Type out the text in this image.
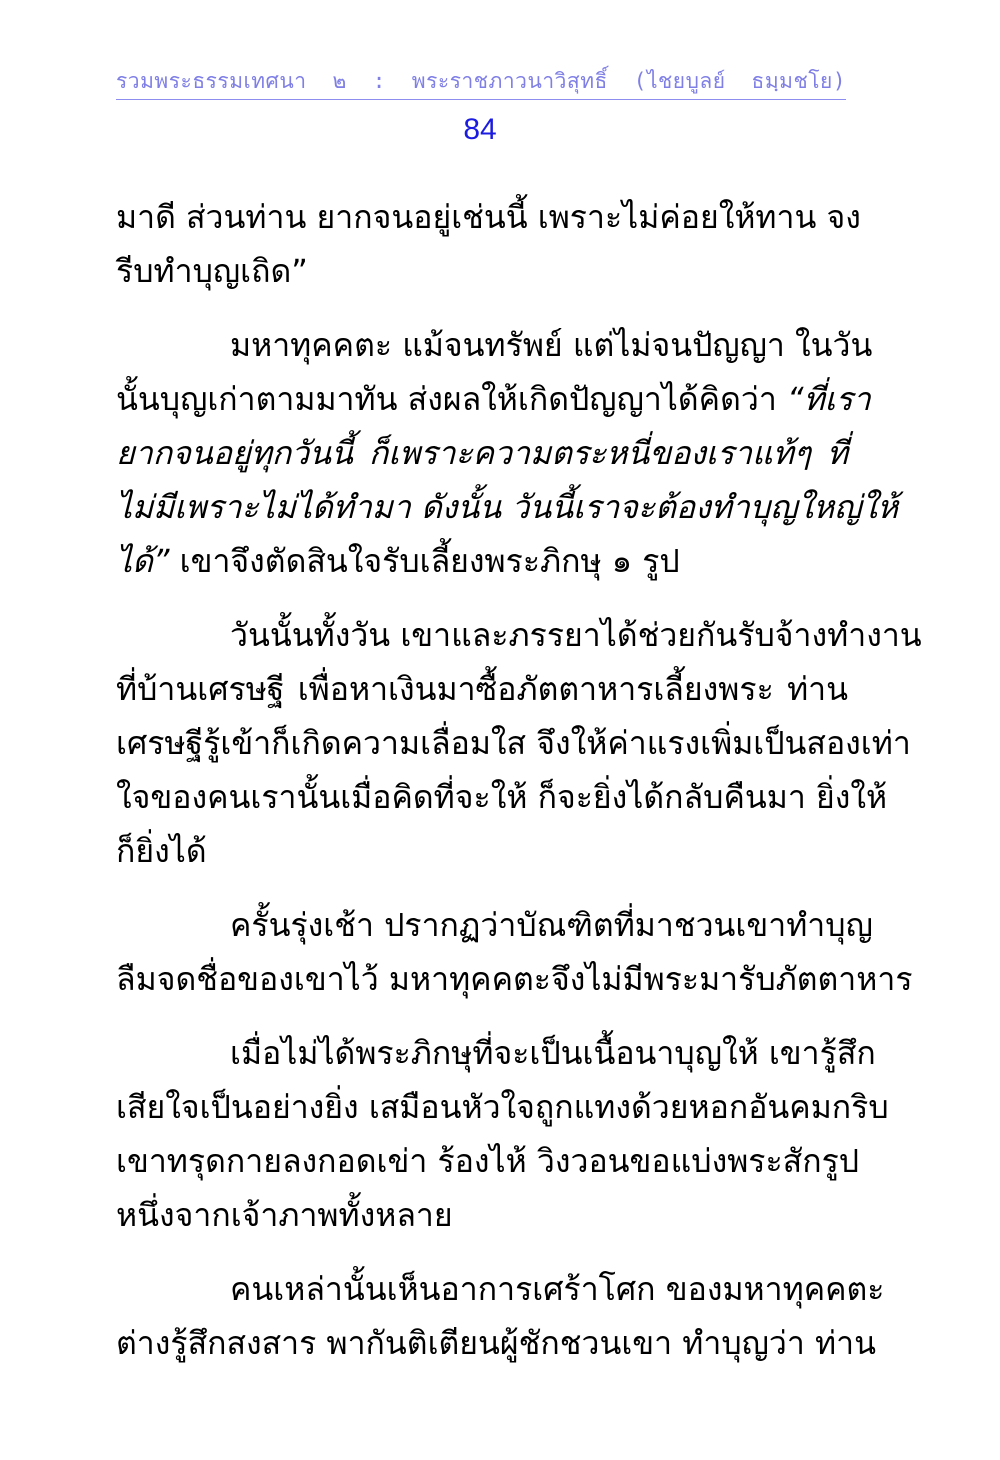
รวมพระธรรมเทศนา ๒ : พระราชภาวนาวิสุทธิ์ (ไชยบูลย์ ธมฺมชโย)
84
มาดี ส่วนท่าน ยากจนอยู่เช่นนี้ เพราะไม่ค่อยให้ทาน จง
รีบทำบุญเถิด”
มหาทุคคตะ แม้จนทรัพย์ แต่ไม่จนปัญญา ในวัน
นั้นบุญเก่าตามมาทัน ส่งผลให้เกิดปัญญาได้คิดว่า “ที่เรา
ยากจนอยู่ทุกวันนี้ ก็เพราะความตระหนี่ของเราแท้ๆ ที่
ไม่มีเพราะไม่ได้ทำมา ดังนั้น วันนี้เราจะต้องทำบุญใหญ่ให้
ได้” เขาจึงตัดสินใจรับเลี้ยงพระภิกษุ ๑ รูป
วันนั้นทั้งวัน เขาและภรรยาได้ช่วยกันรับจ้างทำงาน
ที่บ้านเศรษฐี เพื่อหาเงินมาซื้อภัตตาหารเลี้ยงพระ ท่าน
เศรษฐีรู้เข้าก็เกิดความเลื่อมใส จึงให้ค่าแรงเพิ่มเป็นสองเท่า
ใจของคนเรานั้นเมื่อคิดที่จะให้ ก็จะยิ่งได้กลับคืนมา ยิ่งให้
ก็ยิ่งได้
ครั้นรุ่งเช้า ปรากฏว่าบัณฑิตที่มาชวนเขาทำบุญ
ลืมจดชื่อของเขาไว้ มหาทุคคตะจึงไม่มีพระมารับภัตตาหาร
เมื่อไม่ได้พระภิกษุที่จะเป็นเนื้อนาบุญให้ เขารู้สึก
เสียใจเป็นอย่างยิ่ง เสมือนหัวใจถูกแทงด้วยหอกอันคมกริบ
เขาทรุดกายลงกอดเข่า ร้องไห้ วิงวอนขอแบ่งพระสักรูป
หนึ่งจากเจ้าภาพทั้งหลาย
คนเหล่านั้นเห็นอาการเศร้าโศก ของมหาทุคคตะ
ต่างรู้สึกสงสาร พากันติเตียนผู้ชักชวนเขา ทำบุญว่า ท่าน
